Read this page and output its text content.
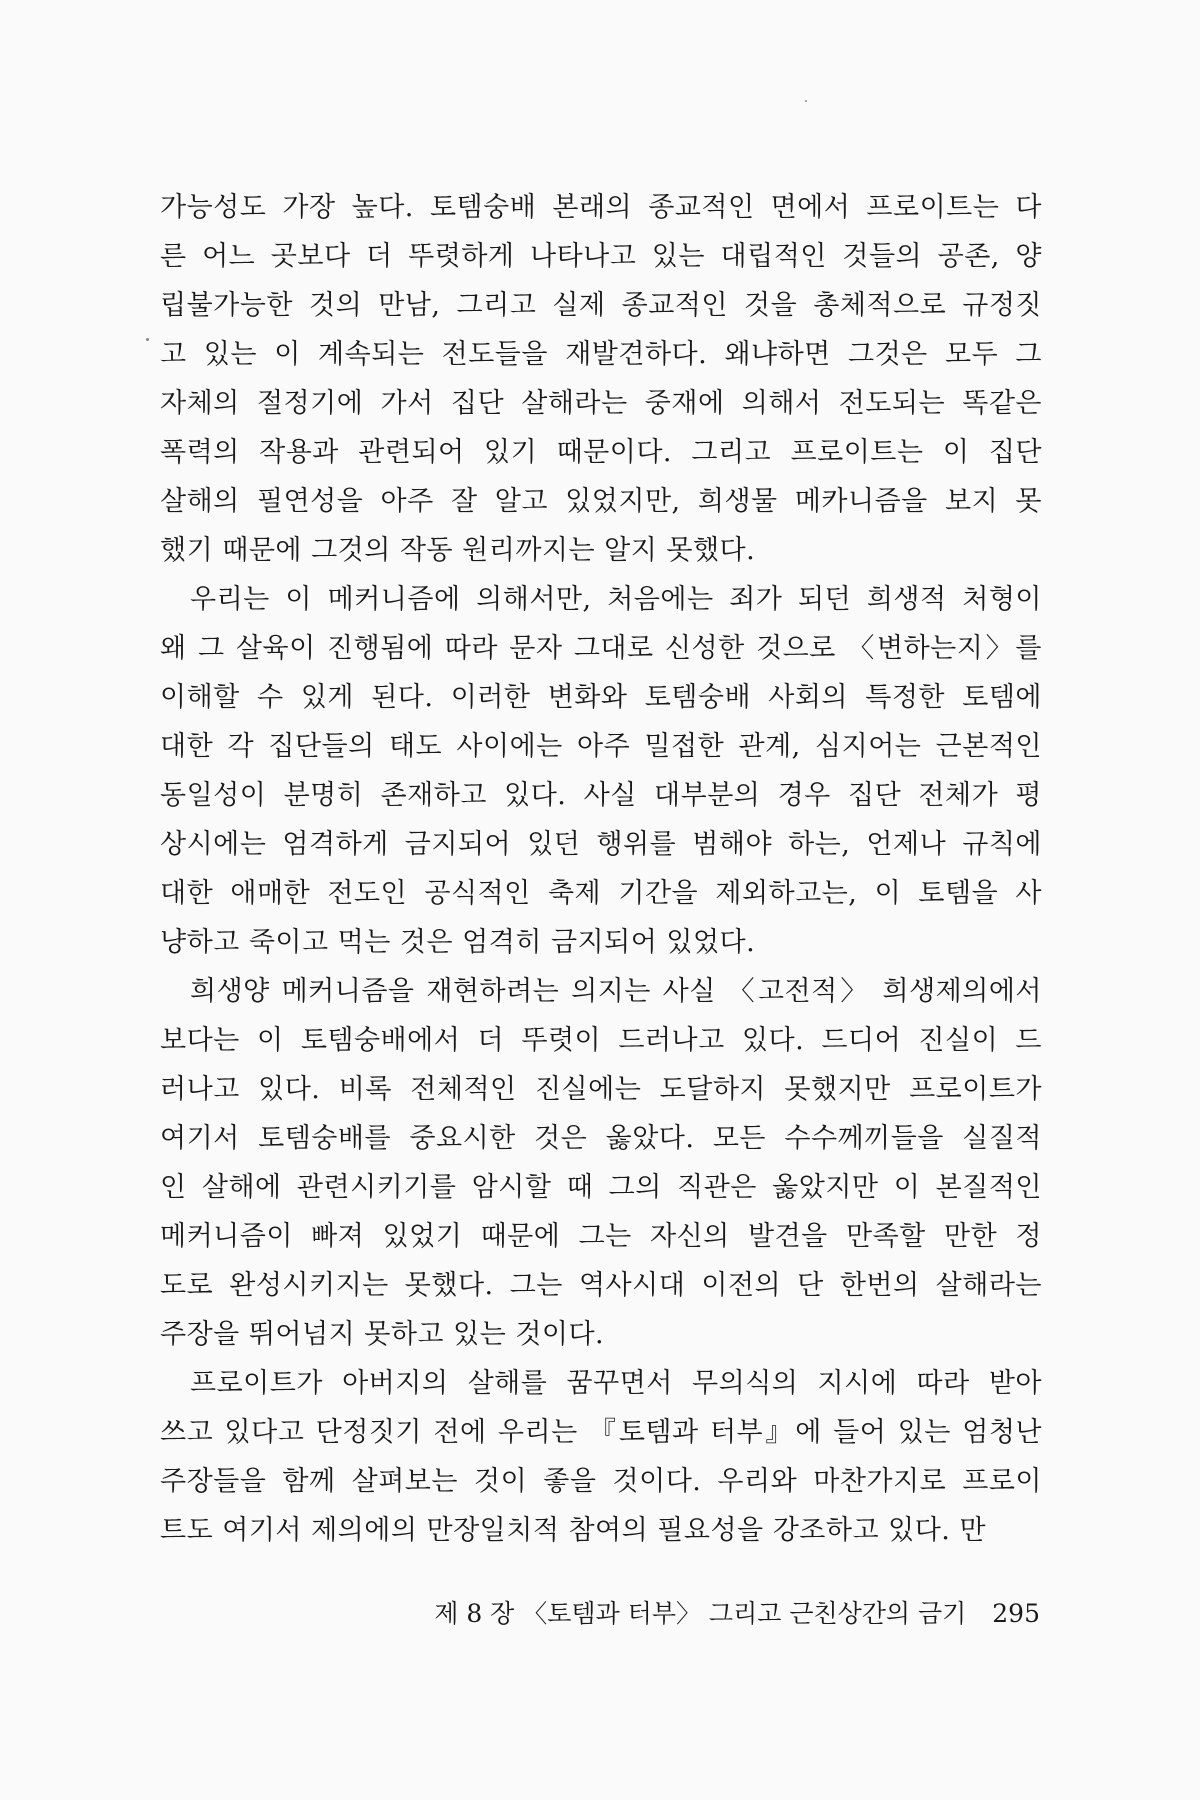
가능성도 가장 높다. 토템숭배 본래의 종교적인 면에서 프로이트는 다
른 어느 곳보다 더 뚜렷하게 나타나고 있는 대립적인 것들의 공존, 양
립불가능한 것의 만남, 그리고 실제 종교적인 것을 총체적으로 규정짓
고 있는 이 계속되는 전도들을 재발견하다. 왜냐하면 그것은 모두 그
자체의 절정기에 가서 집단 살해라는 중재에 의해서 전도되는 똑같은
폭력의 작용과 관련되어 있기 때문이다. 그리고 프로이트는 이 집단
살해의 필연성을 아주 잘 알고 있었지만, 희생물 메카니즘을 보지 못
했기 때문에 그것의 작동 원리까지는 알지 못했다.
우리는 이 메커니즘에 의해서만, 처음에는 죄가 되던 희생적 처형이
왜 그 살육이 진행됨에 따라 문자 그대로 신성한 것으로 〈변하는지〉를
이해할 수 있게 된다. 이러한 변화와 토템숭배 사회의 특정한 토템에
대한 각 집단들의 태도 사이에는 아주 밀접한 관계, 심지어는 근본적인
동일성이 분명히 존재하고 있다. 사실 대부분의 경우 집단 전체가 평
상시에는 엄격하게 금지되어 있던 행위를 범해야 하는, 언제나 규칙에
대한 애매한 전도인 공식적인 축제 기간을 제외하고는, 이 토템을 사
냥하고 죽이고 먹는 것은 엄격히 금지되어 있었다.
희생양 메커니즘을 재현하려는 의지는 사실 〈고전적〉 희생제의에서
보다는 이 토템숭배에서 더 뚜렷이 드러나고 있다. 드디어 진실이 드
러나고 있다. 비록 전체적인 진실에는 도달하지 못했지만 프로이트가
여기서 토템숭배를 중요시한 것은 옳았다. 모든 수수께끼들을 실질적
인 살해에 관련시키기를 암시할 때 그의 직관은 옳았지만 이 본질적인
메커니즘이 빠져 있었기 때문에 그는 자신의 발견을 만족할 만한 정
도로 완성시키지는 못했다. 그는 역사시대 이전의 단 한번의 살해라는
주장을 뛰어넘지 못하고 있는 것이다.
프로이트가 아버지의 살해를 꿈꾸면서 무의식의 지시에 따라 받아
쓰고 있다고 단정짓기 전에 우리는 『토템과 터부』에 들어 있는 엄청난
주장들을 함께 살펴보는 것이 좋을 것이다. 우리와 마찬가지로 프로이
트도 여기서 제의에의 만장일치적 참여의 필요성을 강조하고 있다. 만
제 8 장 〈토템과 터부〉 그리고 근친상간의 금기 295
